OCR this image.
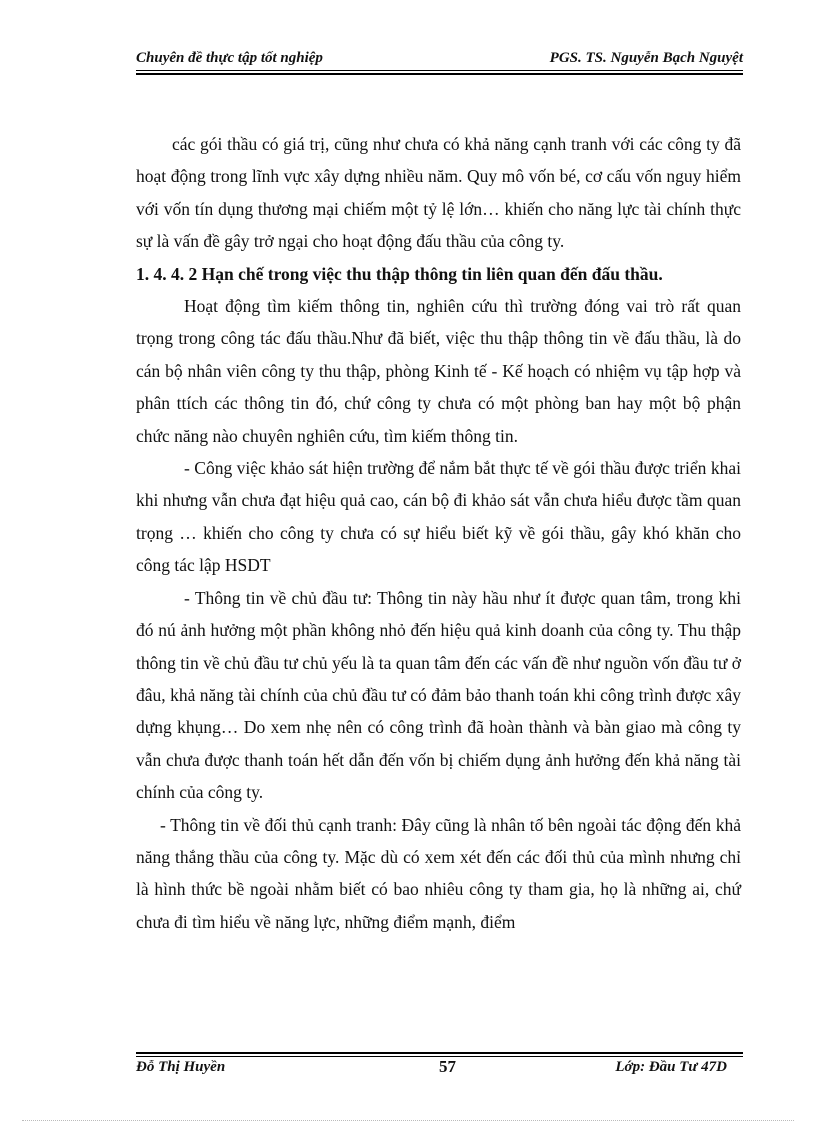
Chuyên đề thực tập tốt nghiệp	PGS. TS. Nguyễn Bạch Nguyệt

các gói thầu có giá trị, cũng như chưa có khả năng cạnh tranh với các công ty đã hoạt động trong lĩnh vực xây dựng nhiều năm. Quy mô vốn bé, cơ cấu vốn nguy hiểm với vốn tín dụng thương mại chiếm một tỷ lệ lớn… khiến cho năng lực tài chính thực sự là vấn đề gây trở ngại cho hoạt động đấu thầu của công ty.

1. 4. 4. 2 Hạn chế trong việc thu thập thông tin liên quan đến đấu thầu.

Hoạt động tìm kiếm thông tin, nghiên cứu thì trường đóng vai trò rất quan trọng trong công tác đấu thầu.Như đã biết, việc thu thập thông tin về đấu thầu, là do cán bộ nhân viên công ty thu thập, phòng Kinh tế - Kế hoạch có nhiệm vụ tập hợp và phân ttích các thông tin đó, chứ công ty chưa có một phòng ban hay một bộ phận chức năng nào chuyên nghiên cứu, tìm kiếm thông tin.

- Công việc khảo sát hiện trường để nắm bắt thực tế về gói thầu được triển khai khi nhưng vẫn chưa đạt hiệu quả cao, cán bộ đi khảo sát vẫn chưa hiểu được tầm quan trọng … khiến cho công ty chưa có sự hiểu biết kỹ về gói thầu, gây khó khăn cho công tác lập HSDT

- Thông tin về chủ đầu tư: Thông tin này hầu như ít được quan tâm, trong khi đó nú ảnh hưởng một phần không nhỏ đến hiệu quả kinh doanh của công ty. Thu thập thông tin về chủ đầu tư chủ yếu là ta quan tâm đến các vấn đề như nguồn vốn đầu tư ở đâu, khả năng tài chính của chủ đầu tư có đảm bảo thanh toán khi công trình được xây dựng khụng… Do xem nhẹ nên có công trình đã hoàn thành và bàn giao mà công ty vẫn chưa được thanh toán hết dẫn đến vốn bị chiếm dụng ảnh hưởng đến khả năng tài chính của công ty.

- Thông tin về đối thủ cạnh tranh: Đây cũng là nhân tố bên ngoài tác động đến khả năng thắng thầu của công ty. Mặc dù có xem xét đến các đối thủ của mình nhưng chỉ là hình thức bề ngoài nhằm biết có bao nhiêu công ty tham gia, họ là những ai, chứ chưa đi tìm hiểu về năng lực, những điểm mạnh, điểm

Đỗ Thị Huyền	57	Lớp: Đầu Tư 47D
